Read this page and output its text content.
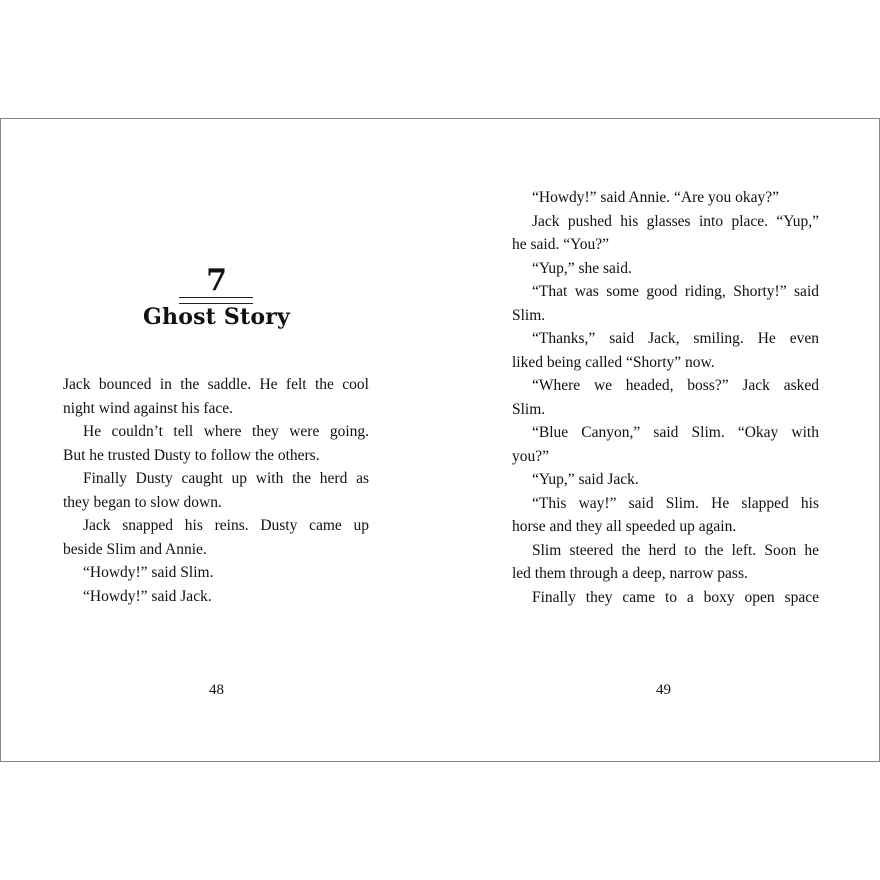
7
Ghost Story
Jack bounced in the saddle. He felt the cool
night wind against his face.
He couldn’t tell where they were going.
But he trusted Dusty to follow the others.
Finally Dusty caught up with the herd as
they began to slow down.
Jack snapped his reins. Dusty came up
beside Slim and Annie.
“Howdy!” said Slim.
“Howdy!” said Jack.
48
“Howdy!” said Annie. “Are you okay?”
Jack pushed his glasses into place. “Yup,”
he said. “You?”
“Yup,” she said.
“That was some good riding, Shorty!” said
Slim.
“Thanks,” said Jack, smiling. He even
liked being called “Shorty” now.
“Where we headed, boss?” Jack asked
Slim.
“Blue Canyon,” said Slim. “Okay with
you?”
“Yup,” said Jack.
“This way!” said Slim. He slapped his
horse and they all speeded up again.
Slim steered the herd to the left. Soon he
led them through a deep, narrow pass.
Finally they came to a boxy open space
49
